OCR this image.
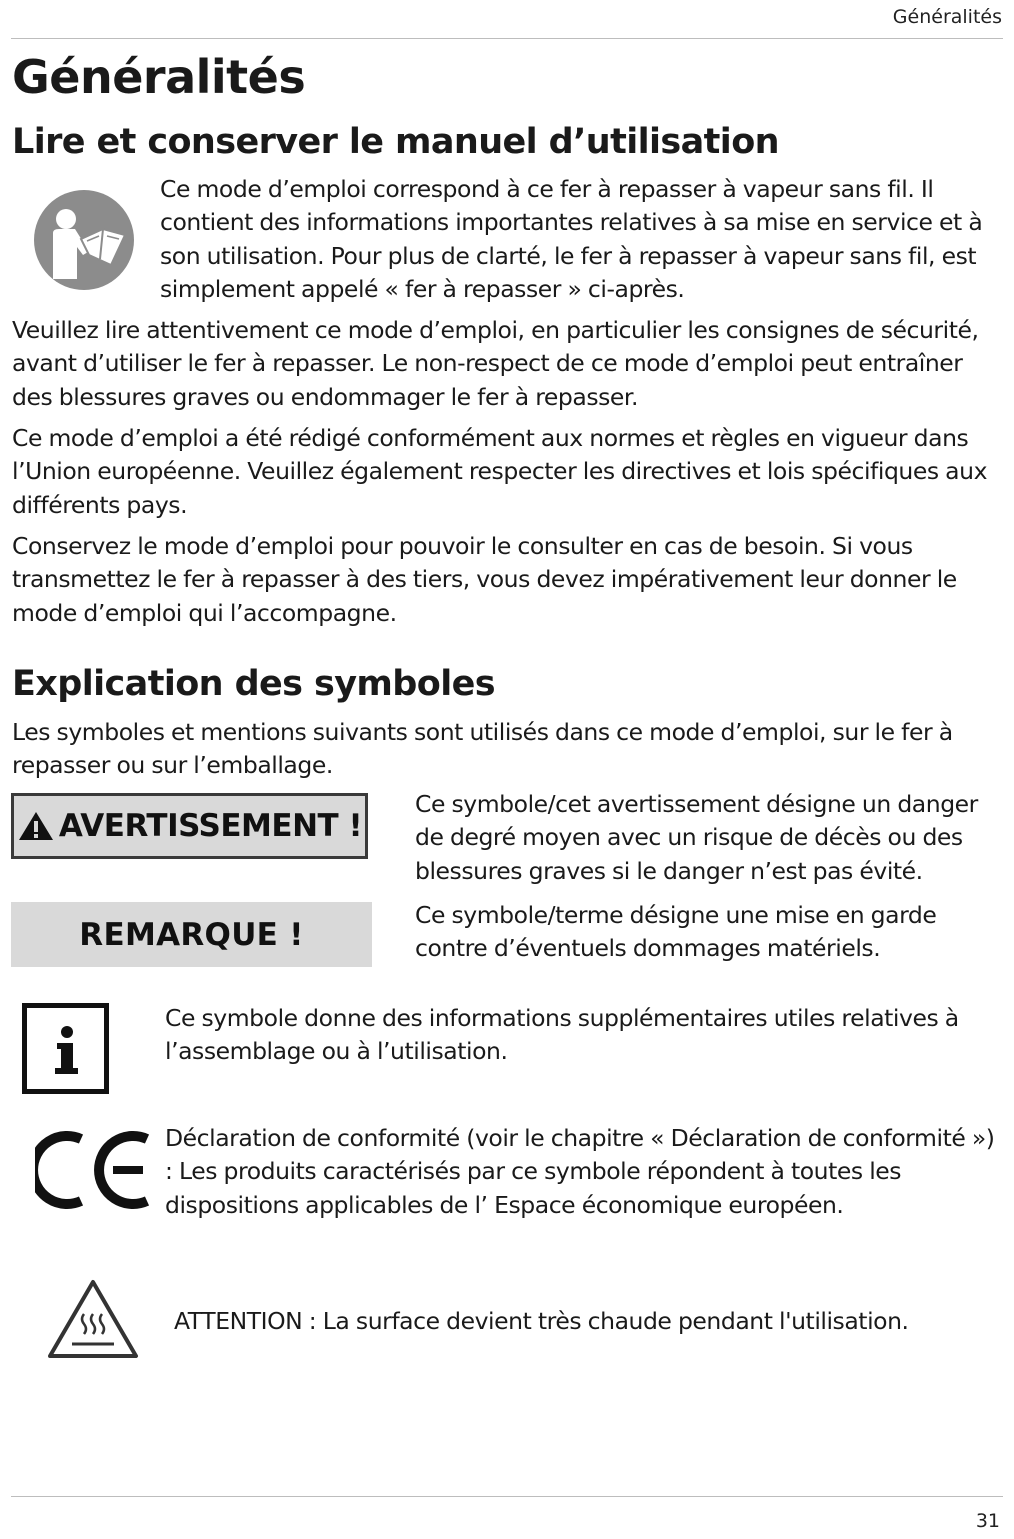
Généralités
Généralités
Lire et conserver le manuel d’utilisation
Ce mode d’emploi correspond à ce fer à repasser à vapeur sans fil. Il
contient des informations importantes relatives à sa mise en service et à
son utilisation. Pour plus de clarté, le fer à repasser à vapeur sans fil, est
simplement appelé « fer à repasser » ci-après.

Veuillez lire attentivement ce mode d’emploi, en particulier les consignes de sécurité, avant d’utiliser le fer à repasser. Le non-respect de ce mode d’emploi peut entraîner des blessures graves ou endommager le fer à repasser.

Ce mode d’emploi a été rédigé conformément aux normes et règles en vigueur dans l’Union européenne. Veuillez également respecter les directives et lois spécifiques aux différents pays.

Conservez le mode d’emploi pour pouvoir le consulter en cas de besoin. Si vous transmettez le fer à repasser à des tiers, vous devez impérativement leur donner le mode d’emploi qui l’accompagne.

Explication des symboles

Les symboles et mentions suivants sont utilisés dans ce mode d’emploi, sur le fer à repasser ou sur l’emballage.

AVERTISSEMENT !

Ce symbole/cet avertissement désigne un danger de degré moyen avec un risque de décès ou des blessures graves si le danger n’est pas évité.

REMARQUE !

Ce symbole/terme désigne une mise en garde contre d’éventuels dommages matériels.

Ce symbole donne des informations supplémentaires utiles relatives à l’assemblage ou à l’utilisation.

Déclaration de conformité (voir le chapitre « Déclaration de conformité ») : Les produits caractérisés par ce symbole répondent à toutes les dispositions applicables de l’ Espace économique européen.

ATTENTION : La surface devient très chaude pendant l'utilisation.

31
